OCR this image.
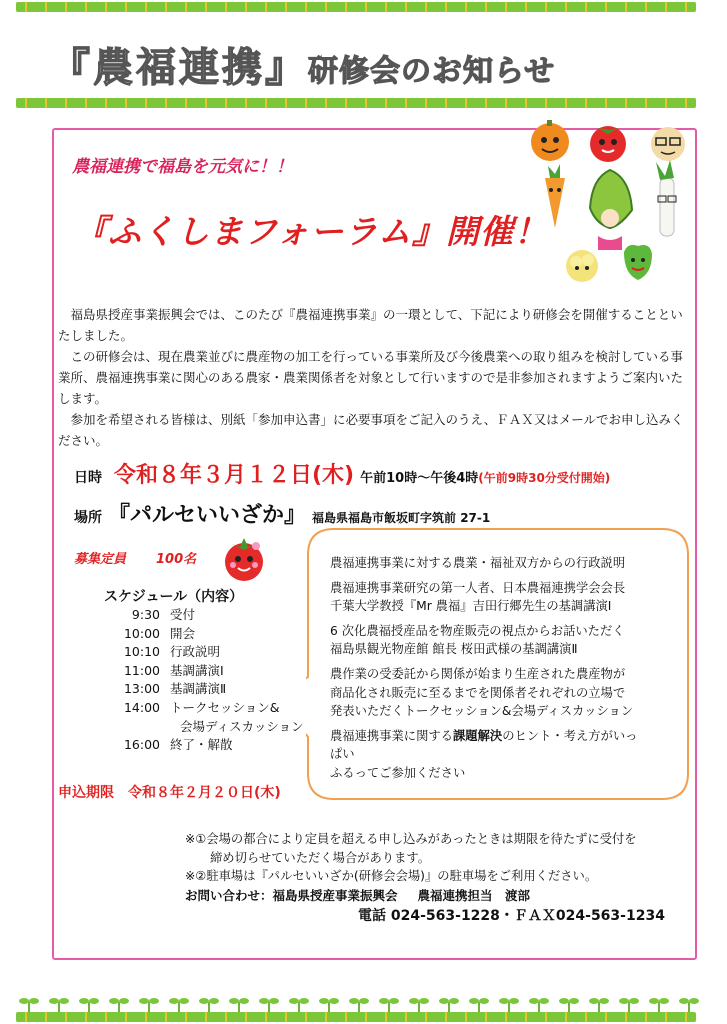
『農福連携』研修会のお知らせ
農福連携で福島を元気に！！
『ふくしまフォーラム』開催！

福島県授産事業振興会では、このたび『農福連携事業』の一環として、下記により研修会を開催することといたしました。

この研修会は、現在農業並びに農産物の加工を行っている事業所及び今後農業への取り組みを検討している事業所、農福連携事業に関心のある農家・農業関係者を対象として行いますので是非参加されますようご案内いたします。

参加を希望される皆様は、別紙「参加申込書」に必要事項をご記入のうえ、ＦＡＸ又はメールでお申し込みください。

日時 令和８年３月１２日(木) 午前10時～午後4時(午前9時30分受付開始)
場所 『パルセいいざか』 福島県福島市飯坂町字筑前 27-1
募集定員 100名
スケジュール（内容）
9:30 受付
10:00 開会
10:10 行政説明
11:00 基調講演Ⅰ
13:00 基調講演Ⅱ
14:00 トークセッション&
会場ディスカッション
16:00 終了・解散
農福連携事業に対する農業・福祉双方からの行政説明
農福連携事業研究の第一人者、日本農福連携学会会長
千葉大学教授『Mr 農福』吉田行郷先生の基調講演Ⅰ
6 次化農福授産品を物産販売の視点からお話いただく
福島県観光物産館 館長 桜田武様の基調講演Ⅱ
農作業の受委託から関係が始まり生産された農産物が
商品化され販売に至るまでを関係者それぞれの立場で
発表いただくトークセッション&会場ディスカッション
農福連携事業に関する課題解決のヒント・考え方がいっ
ぱい
ふるってご参加ください
申込期限 令和８年２月２０日(木)
※①会場の都合により定員を超える申し込みがあったときは期限を待たずに受付を
締め切らせていただく場合があります。
※②駐車場は『パルセいいざか(研修会会場)』の駐車場をご利用ください。
お問い合わせ：福島県授産事業振興会 農福連携担当　渡部
電話 024-563-1228・ＦＡＸ024-563-1234
